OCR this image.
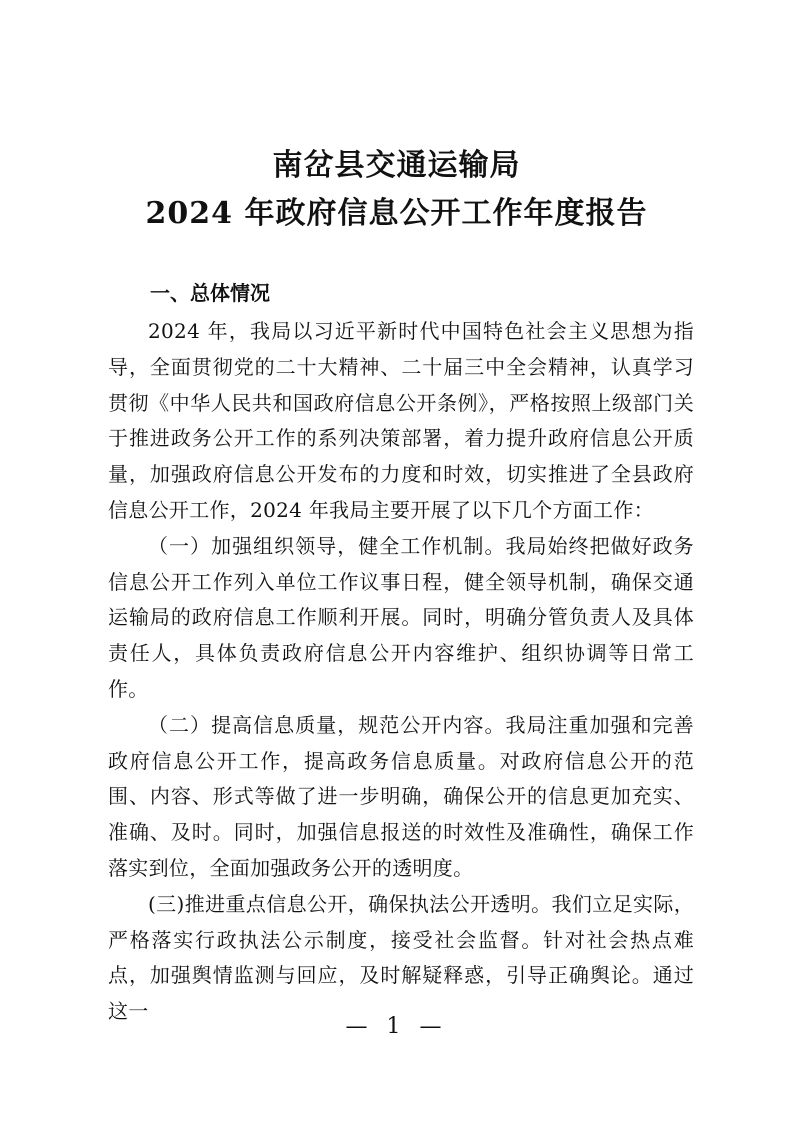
南岔县交通运输局
2024 年政府信息公开工作年度报告
一、总体情况

2024 年，我局以习近平新时代中国特色社会主义思想为指导，全面贯彻党的二十大精神、二十届三中全会精神，认真学习贯彻《中华人民共和国政府信息公开条例》，严格按照上级部门关于推进政务公开工作的系列决策部署，着力提升政府信息公开质量，加强政府信息公开发布的力度和时效，切实推进了全县政府信息公开工作，2024 年我局主要开展了以下几个方面工作：

（一）加强组织领导，健全工作机制。我局始终把做好政务信息公开工作列入单位工作议事日程，健全领导机制，确保交通运输局的政府信息工作顺利开展。同时，明确分管负责人及具体责任人，具体负责政府信息公开内容维护、组织协调等日常工作。

（二）提高信息质量，规范公开内容。我局注重加强和完善政府信息公开工作，提高政务信息质量。对政府信息公开的范围、内容、形式等做了进一步明确，确保公开的信息更加充实、准确、及时。同时，加强信息报送的时效性及准确性，确保工作落实到位，全面加强政务公开的透明度。

(三)推进重点信息公开，确保执法公开透明。我们立足实际，严格落实行政执法公示制度，接受社会监督。针对社会热点难点，加强舆情监测与回应，及时解疑释惑，引导正确舆论。通过这一

— 1 —
